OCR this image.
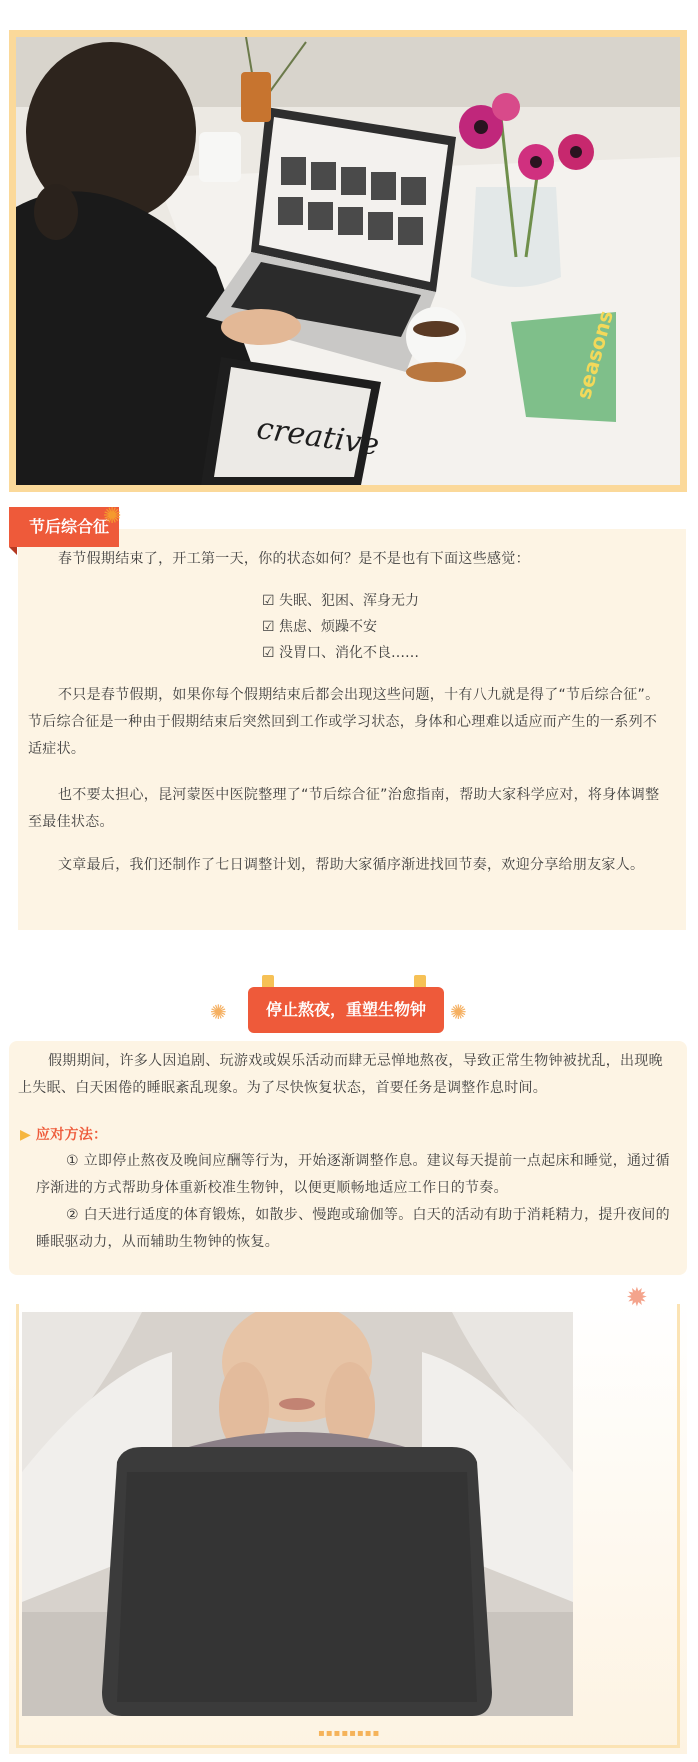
creative
seasons
节后综合征
✺
春节假期结束了，开工第一天，你的状态如何？是不是也有下面这些感觉：
☑ 失眠、犯困、浑身无力
☑ 焦虑、烦躁不安
☑ 没胃口、消化不良……
不只是春节假期，如果你每个假期结束后都会出现这些问题，十有八九就是得了“节后综合征”。节后综合征是一种由于假期结束后突然回到工作或学习状态，身体和心理难以适应而产生的一系列不适症状。
也不要太担心，昆河蒙医中医院整理了“节后综合征”治愈指南，帮助大家科学应对，将身体调整至最佳状态。
文章最后，我们还制作了七日调整计划，帮助大家循序渐进找回节奏，欢迎分享给朋友家人。
停止熬夜，重塑生物钟
✺	✺
假期期间，许多人因追剧、玩游戏或娱乐活动而肆无忌惮地熬夜，导致正常生物钟被扰乱，出现晚上失眠、白天困倦的睡眠紊乱现象。为了尽快恢复状态，首要任务是调整作息时间。
▶ 应对方法：
① 立即停止熬夜及晚间应酬等行为，开始逐渐调整作息。建议每天提前一点起床和睡觉，通过循序渐进的方式帮助身体重新校准生物钟，以便更顺畅地适应工作日的节奏。
② 白天进行适度的体育锻炼，如散步、慢跑或瑜伽等。白天的活动有助于消耗精力，提升夜间的睡眠驱动力，从而辅助生物钟的恢复。
✹
▪▪▪▪▪▪▪▪
